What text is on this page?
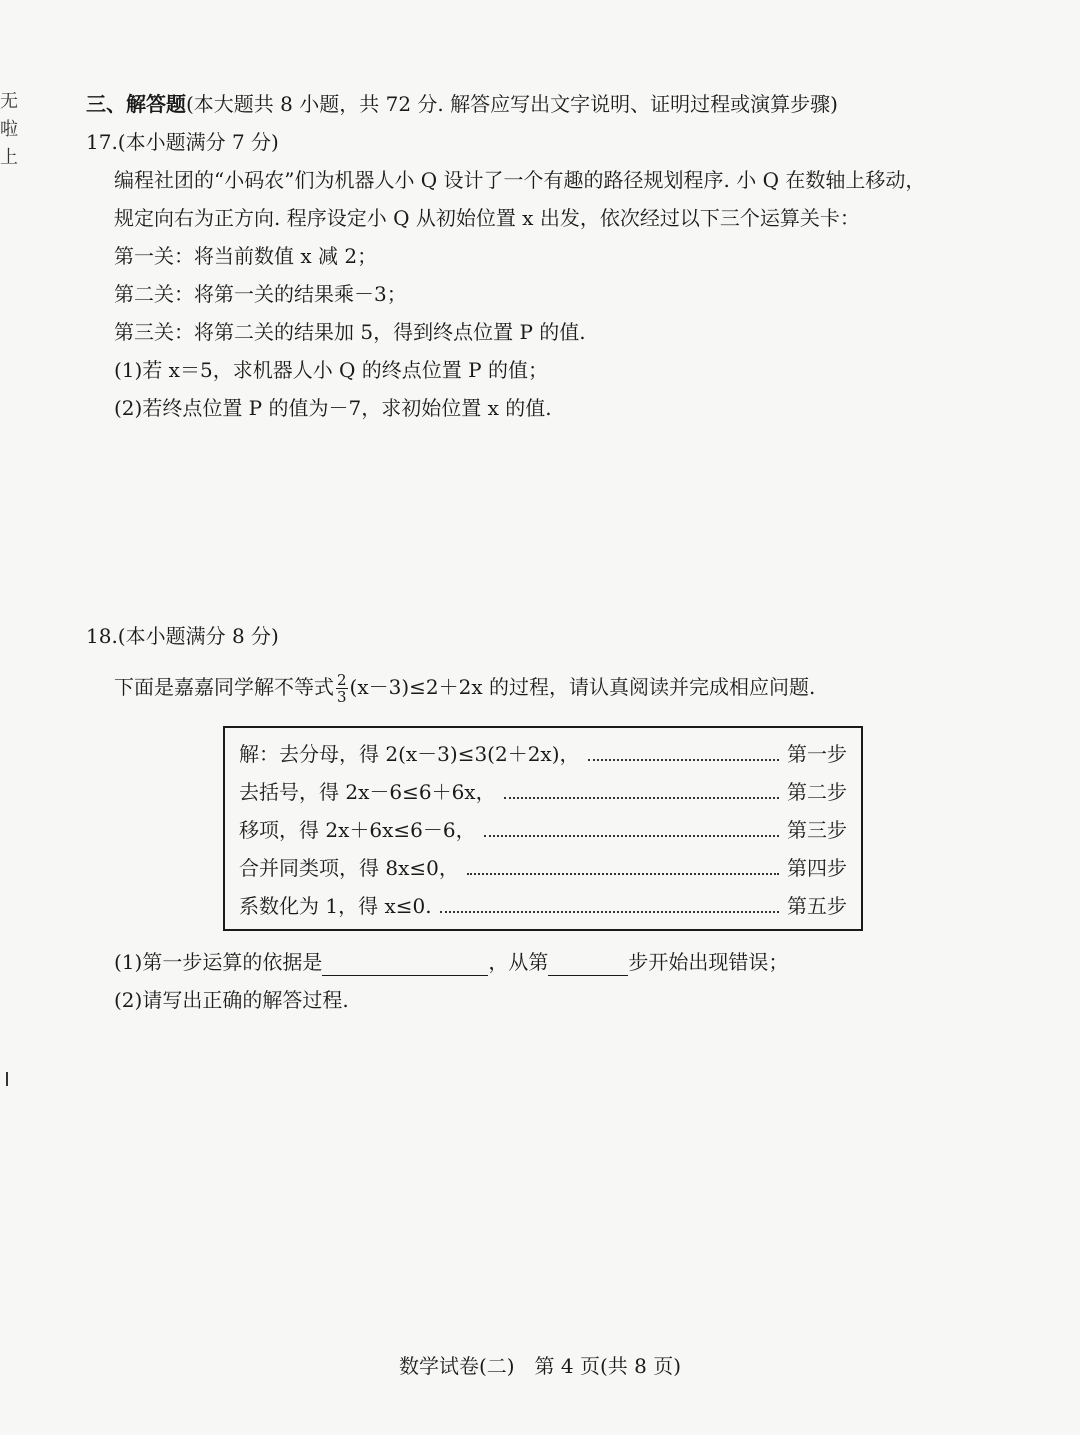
无
啦
上
三、解答题(本大题共 8 小题，共 72 分. 解答应写出文字说明、证明过程或演算步骤)
17.(本小题满分 7 分)
编程社团的“小码农”们为机器人小 Q 设计了一个有趣的路径规划程序. 小 Q 在数轴上移动，
规定向右为正方向. 程序设定小 Q 从初始位置 x 出发，依次经过以下三个运算关卡：
第一关：将当前数值 x 减 2；
第二关：将第一关的结果乘－3；
第三关：将第二关的结果加 5，得到终点位置 P 的值.
(1)若 x＝5，求机器人小 Q 的终点位置 P 的值；
(2)若终点位置 P 的值为－7，求初始位置 x 的值.
18.(本小题满分 8 分)
下面是嘉嘉同学解不等式 $\frac{2}{3} (x-3)\le 2+2x$ 的过程，请认真阅读并完成相应问题.
解：去分母，得 2(x－3)≤3(2＋2x)，	第一步
去括号，得 2x－6≤6＋6x，	第二步
移项，得 2x＋6x≤6－6，	第三步
合并同类项，得 8x≤0，	第四步
系数化为 1，得 x≤0.	第五步
(1)第一步运算的依据是	，从第	步开始出现错误；
(2)请写出正确的解答过程.
数学试卷(二)　第 4 页(共 8 页)
